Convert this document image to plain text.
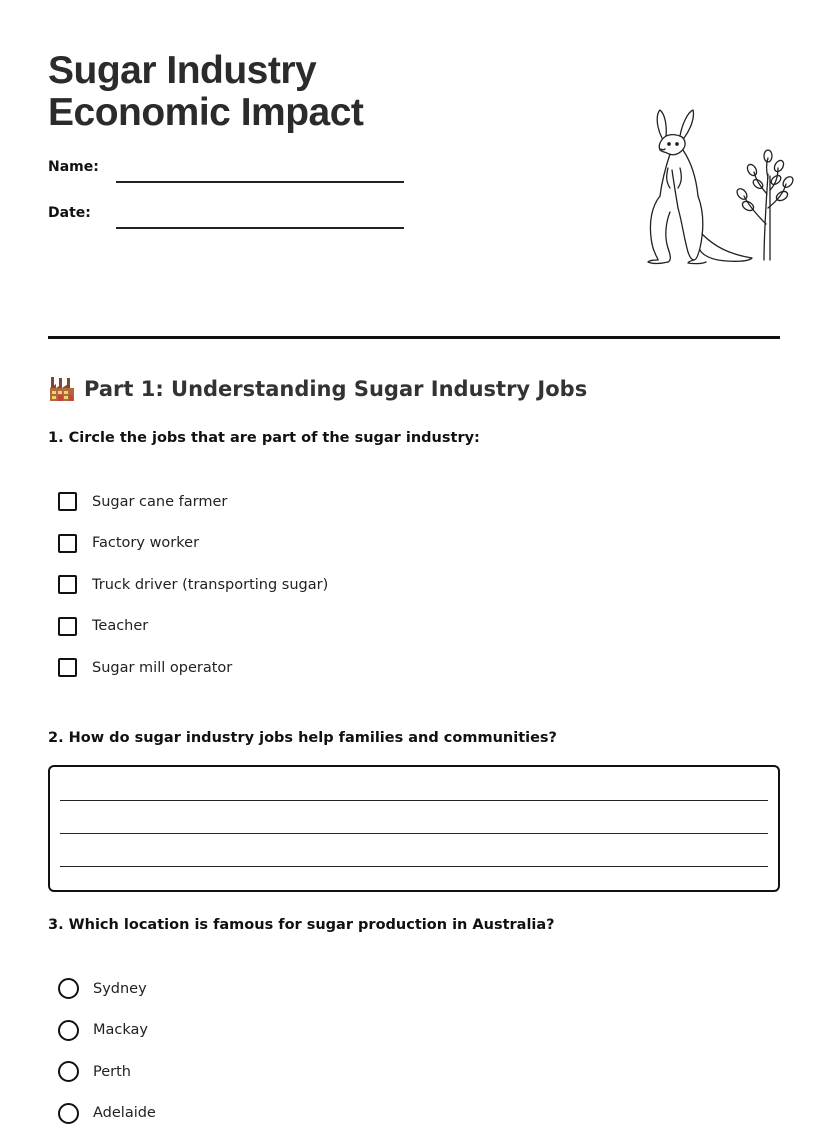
Sugar Industry
Economic Impact
Name:
Date:
Part 1: Understanding Sugar Industry Jobs

1. Circle the jobs that are part of the sugar industry:

Sugar cane farmer
Factory worker
Truck driver (transporting sugar)
Teacher
Sugar mill operator

2. How do sugar industry jobs help families and communities?

3. Which location is famous for sugar production in Australia?

Sydney
Mackay
Perth
Adelaide
